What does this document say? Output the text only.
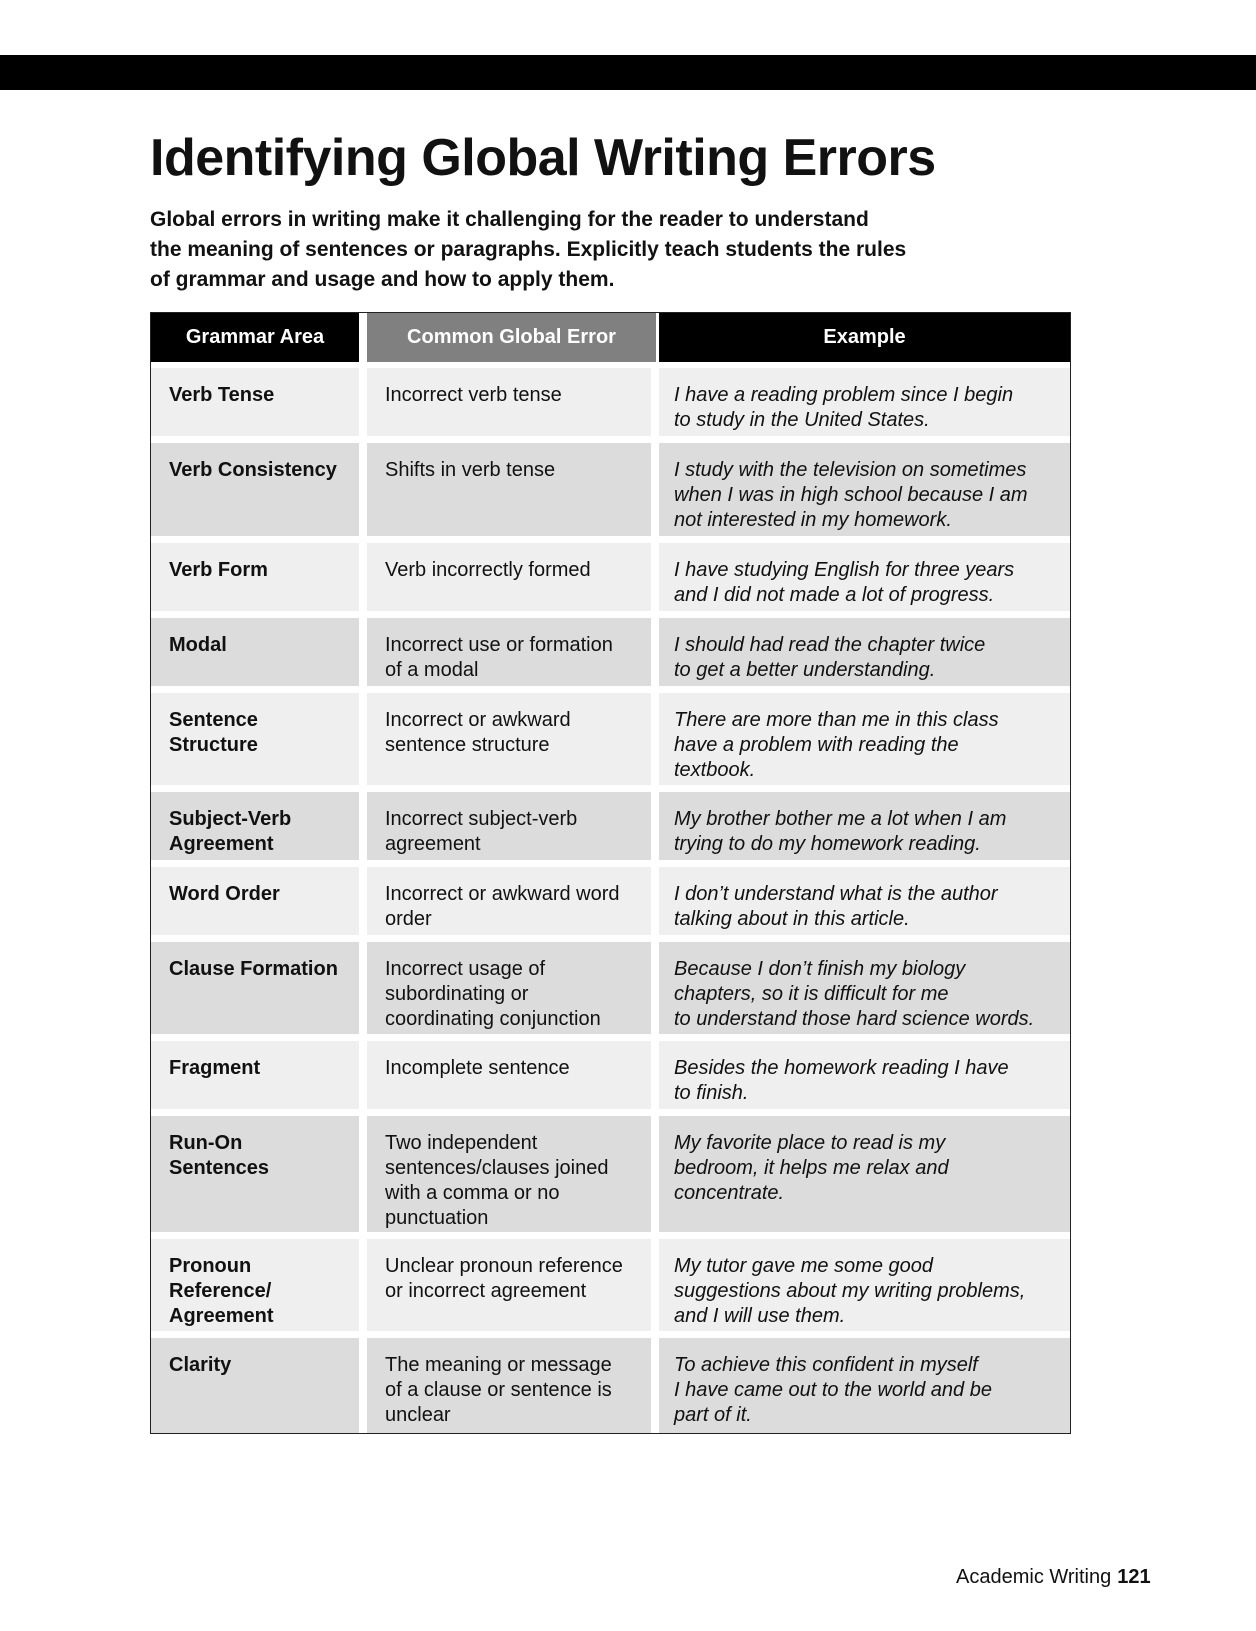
Identifying Global Writing Errors

Global errors in writing make it challenging for the reader to understand
the meaning of sentences or paragraphs. Explicitly teach students the rules
of grammar and usage and how to apply them.

Grammar Area	Common Global Error	Example

Verb Tense	Incorrect verb tense	I have a reading problem since I begin
to study in the United States.

Verb Consistency	Shifts in verb tense	I study with the television on sometimes
when I was in high school because I am
not interested in my homework.

Verb Form	Verb incorrectly formed	I have studying English for three years
and I did not made a lot of progress.

Modal	Incorrect use or formation
of a modal	I should had read the chapter twice
to get a better understanding.

Sentence
Structure	Incorrect or awkward
sentence structure	There are more than me in this class
have a problem with reading the
textbook.

Subject-Verb
Agreement	Incorrect subject-verb
agreement	My brother bother me a lot when I am
trying to do my homework reading.

Word Order	Incorrect or awkward word
order	I don’t understand what is the author
talking about in this article.

Clause Formation	Incorrect usage of
subordinating or
coordinating conjunction	Because I don’t finish my biology
chapters, so it is difficult for me
to understand those hard science words.

Fragment	Incomplete sentence	Besides the homework reading I have
to finish.

Run-On
Sentences	Two independent
sentences/clauses joined
with a comma or no
punctuation	My favorite place to read is my
bedroom, it helps me relax and
concentrate.

Pronoun
Reference/
Agreement	Unclear pronoun reference
or incorrect agreement	My tutor gave me some good
suggestions about my writing problems,
and I will use them.

Clarity	The meaning or message
of a clause or sentence is
unclear	To achieve this confident in myself
I have came out to the world and be
part of it.
Academic Writing 121
